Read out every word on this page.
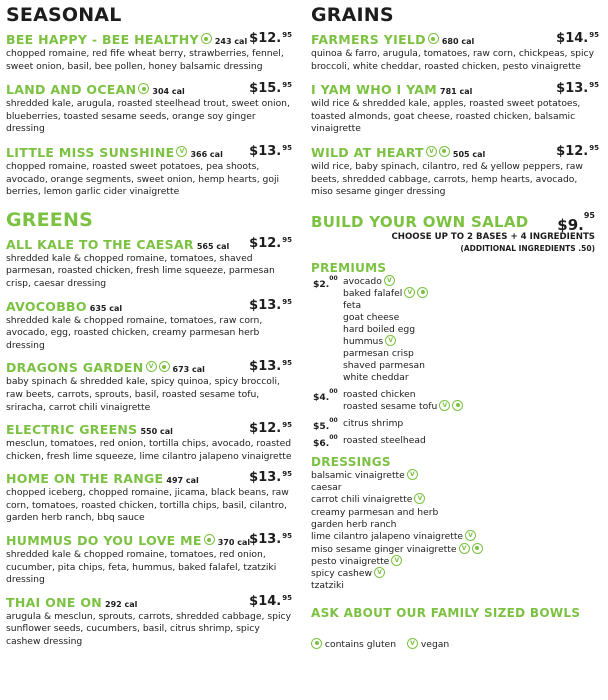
SEASONAL
BEE HAPPY - BEE HEALTHY 243 cal $12.95
chopped romaine, red fife wheat berry, strawberries, fennel, sweet onion, basil, bee pollen, honey balsamic dressing
LAND AND OCEAN 304 cal	$15.95
shredded kale, arugula, roasted steelhead trout, sweet onion, blueberries, toasted sesame seeds, orange soy ginger dressing
LITTLE MISS SUNSHINE V 366 cal $13.95
chopped romaine, roasted sweet potatoes, pea shoots, avocado, orange segments, sweet onion, hemp hearts, goji berries, lemon garlic cider vinaigrette
GREENS
ALL KALE TO THE CAESAR 565 cal $12.95
shredded kale & chopped romaine, tomatoes, shaved parmesan, roasted chicken, fresh lime squeeze, parmesan crisp, caesar dressing
AVOCOBBO 635 cal	$13.95
shredded kale & chopped romaine, tomatoes, raw corn, avocado, egg, roasted chicken, creamy parmesan herb dressing
DRAGONS GARDEN V 673 cal	$13.95
baby spinach & shredded kale, spicy quinoa, spicy broccoli, raw beets, carrots, sprouts, basil, roasted sesame tofu, sriracha, carrot chili vinaigrette
ELECTRIC GREENS 550 cal	$12.95
mesclun, tomatoes, red onion, tortilla chips, avocado, roasted chicken, fresh lime squeeze, lime cilantro jalapeno vinaigrette
HOME ON THE RANGE 497 cal	$13.95
chopped iceberg, chopped romaine, jicama, black beans, raw corn, tomatoes, roasted chicken, tortilla chips, basil, cilantro, garden herb ranch, bbq sauce
HUMMUS DO YOU LOVE ME 370 cal $13.95
shredded kale & chopped romaine, tomatoes, red onion, cucumber, pita chips, feta, hummus, baked falafel, tzatziki dressing
THAI ONE ON 292 cal	$14.95
arugula & mesclun, sprouts, carrots, shredded cabbage, spicy sunflower seeds, cucumbers, basil, citrus shrimp, spicy cashew dressing
GRAINS
FARMERS YIELD 680 cal	$14.95
quinoa & farro, arugula, tomatoes, raw corn, chickpeas, spicy broccoli, white cheddar, roasted chicken, pesto vinaigrette
I YAM WHO I YAM 781 cal	$13.95
wild rice & shredded kale, apples, roasted sweet potatoes, toasted almonds, goat cheese, roasted chicken, balsamic vinaigrette
WILD AT HEART V 505 cal	$12.95
wild rice, baby spinach, cilantro, red & yellow peppers, raw beets, shredded cabbage, carrots, hemp hearts, avocado, miso sesame ginger dressing
BUILD YOUR OWN SALAD $9.95
CHOOSE UP TO 2 BASES + 4 INGREDIENTS
(ADDITIONAL INGREDIENTS .50)
PREMIUMS
$2.00 avocado V
baked falafel V
feta
goat cheese
hard boiled egg
hummus V
parmesan crisp
shaved parmesan
white cheddar
$4.00 roasted chicken
roasted sesame tofu V
$5.00 citrus shrimp
$6.00 roasted steelhead
DRESSINGS
balsamic vinaigrette V
caesar
carrot chili vinaigrette V
creamy parmesan and herb
garden herb ranch
lime cilantro jalapeno vinaigrette V
miso sesame ginger vinaigrette V
pesto vinaigrette V
spicy cashew V
tzatziki
ASK ABOUT OUR FAMILY SIZED BOWLS
contains gluten V vegan
